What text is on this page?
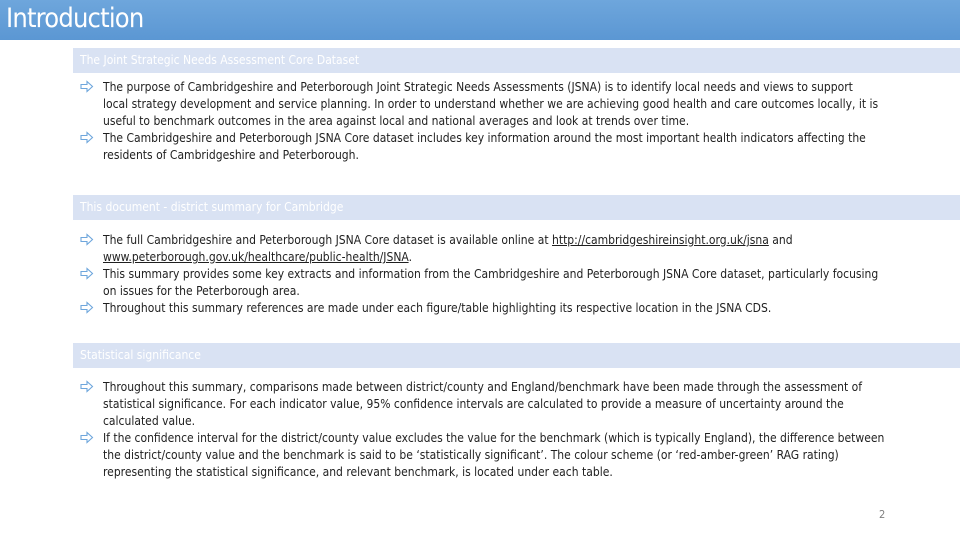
Introduction
The Joint Strategic Needs Assessment Core Dataset
The purpose of Cambridgeshire and Peterborough Joint Strategic Needs Assessments (JSNA) is to identify local needs and views to support local strategy development and service planning. In order to understand whether we are achieving good health and care outcomes locally, it is useful to benchmark outcomes in the area against local and national averages and look at trends over time.
The Cambridgeshire and Peterborough JSNA Core dataset includes key information around the most important health indicators affecting the residents of Cambridgeshire and Peterborough.
This document - district summary for Cambridge
The full Cambridgeshire and Peterborough JSNA Core dataset is available online at http://cambridgeshireinsight.org.uk/jsna and www.peterborough.gov.uk/healthcare/public-health/JSNA.
This summary provides some key extracts and information from the Cambridgeshire and Peterborough JSNA Core dataset, particularly focusing on issues for the Peterborough area.
Throughout this summary references are made under each figure/table highlighting its respective location in the JSNA CDS.
Statistical significance
Throughout this summary, comparisons made between district/county and England/benchmark have been made through the assessment of statistical significance. For each indicator value, 95% confidence intervals are calculated to provide a measure of uncertainty around the calculated value.
If the confidence interval for the district/county value excludes the value for the benchmark (which is typically England), the difference between the district/county value and the benchmark is said to be ‘statistically significant’. The colour scheme (or ‘red-amber-green’ RAG rating) representing the statistical significance, and relevant benchmark, is located under each table.
2
